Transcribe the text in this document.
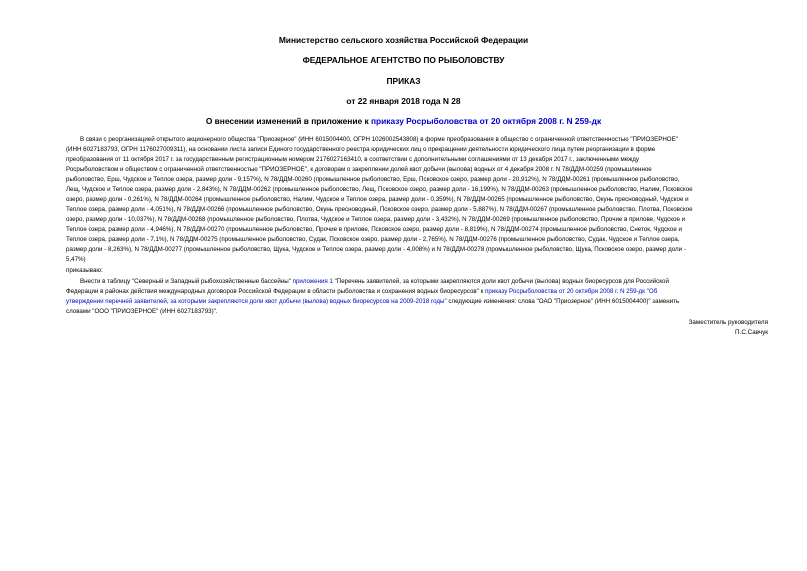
Министерство сельского хозяйства Российской Федерации
ФЕДЕРАЛЬНОЕ АГЕНТСТВО ПО РЫБОЛОВСТВУ
ПРИКАЗ
от 22 января 2018 года N 28
О внесении изменений в приложение к приказу Росрыболовства от 20 октября 2008 г. N 259-дк
В связи с реорганизацией открытого акционерного общества "Приозерное" (ИНН 6015004400, ОГРН 1026002543808) в форме преобразования в общество с ограниченной ответственностью "ПРИОЗЕРНОЕ"
(ИНН 6027183793, ОГРН 1176027009311), на основании листа записи Единого государственного реестра юридических лиц о прекращении деятельности юридического лица путем реорганизации в форме
преобразования от 11 октября 2017 г. за государственным регистрационным номером 2176027163410, в соответствии с дополнительными соглашениями от 13 декабря 2017 г., заключенными между
Росрыболовством и обществом с ограниченной ответственностью "ПРИОЗЕРНОЕ", к договорам о закреплении долей квот добычи (вылова) водных от 4 декабря 2008 г. N 78/ДДМ-00259 (промышленное
рыболовство, Ерш, Чудское и Теплое озера, размер доли - 9,157%), N 78/ДДМ-00260 (промышленное рыболовство, Ерш, Псковское озеро, размер доли - 20,912%), N 78/ДДМ-00261 (промышленное рыболовство,
Лещ, Чудское и Теплое озера, размер доли - 2,843%), N 78/ДДМ-00262 (промышленное рыболовство, Лещ, Псковское озеро, размер доли - 16,199%), N 78/ДДМ-00263 (промышленное рыболовство, Налим, Псковское
озеро, размер доли - 0,261%), N 78/ДДМ-00264 (промышленное рыболовство, Налим, Чудское и Теплое озера, размер доли - 0,359%), N 78/ДДМ-00265 (промышленное рыболовство, Окунь пресноводный, Чудское и
Теплое озера, размер доли - 4,051%), N 78/ДДМ-00266 (промышленное рыболовство, Окунь пресноводный, Псковское озеро, размер доли - 5,887%), N 78/ДДМ-00267 (промышленное рыболовство, Плотва, Псковское
озеро, размер доли - 10,037%), N 78/ДДМ-00268 (промышленное рыболовство, Плотва, Чудское и Теплое озера, размер доли - 3,432%), N 78/ДДМ-00269 (промышленное рыболовство, Прочие в прилове, Чудское и
Теплое озера, размер доли - 4,946%), N 78/ДДМ-00270 (промышленное рыболовство, Прочие в прилове, Псковское озеро, размер доли - 8,819%), N 78/ДДМ-00274 (промышленное рыболовство, Снеток, Чудское и
Теплое озера, размер доли - 7,1%), N 78/ДДМ-00275 (промышленное рыболовство, Судак, Псковское озеро, размер доли - 2,765%), N 78/ДДМ-00276 (промышленное рыболовство, Судак, Чудское и Теплое озера,
размер доли - 8,263%), N 78/ДДМ-00277 (промышленное рыболовство, Щука, Чудское и Теплое озера, размер доли - 4,008%) и N 78/ДДМ-00278 (промышленное рыболовство, Щука, Псковское озеро, размер доли -
5,47%)
приказываю:
Внести в таблицу "Северный и Западный рыбохозяйственные бассейны" приложения 1 "Перечень заявителей, за которыми закрепляются доли квот добычи (вылова) водных биоресурсов для Российской
Федерации в районах действия международных договоров Российской Федерации в области рыболовства и сохранения водных биоресурсов" к приказу Росрыболовства от 20 октября 2008 г. N 259-дк "Об
утверждении перечней заявителей, за которыми закрепляются доли квот добычи (вылова) водных биоресурсов на 2009-2018 годы" следующие изменения: слова "ОАО "Приозерное" (ИНН 6015004400)" заменить
словами "ООО "ПРИОЗЕРНОЕ" (ИНН 6027183793)".
Заместитель руководителя
П.С.Савчук
